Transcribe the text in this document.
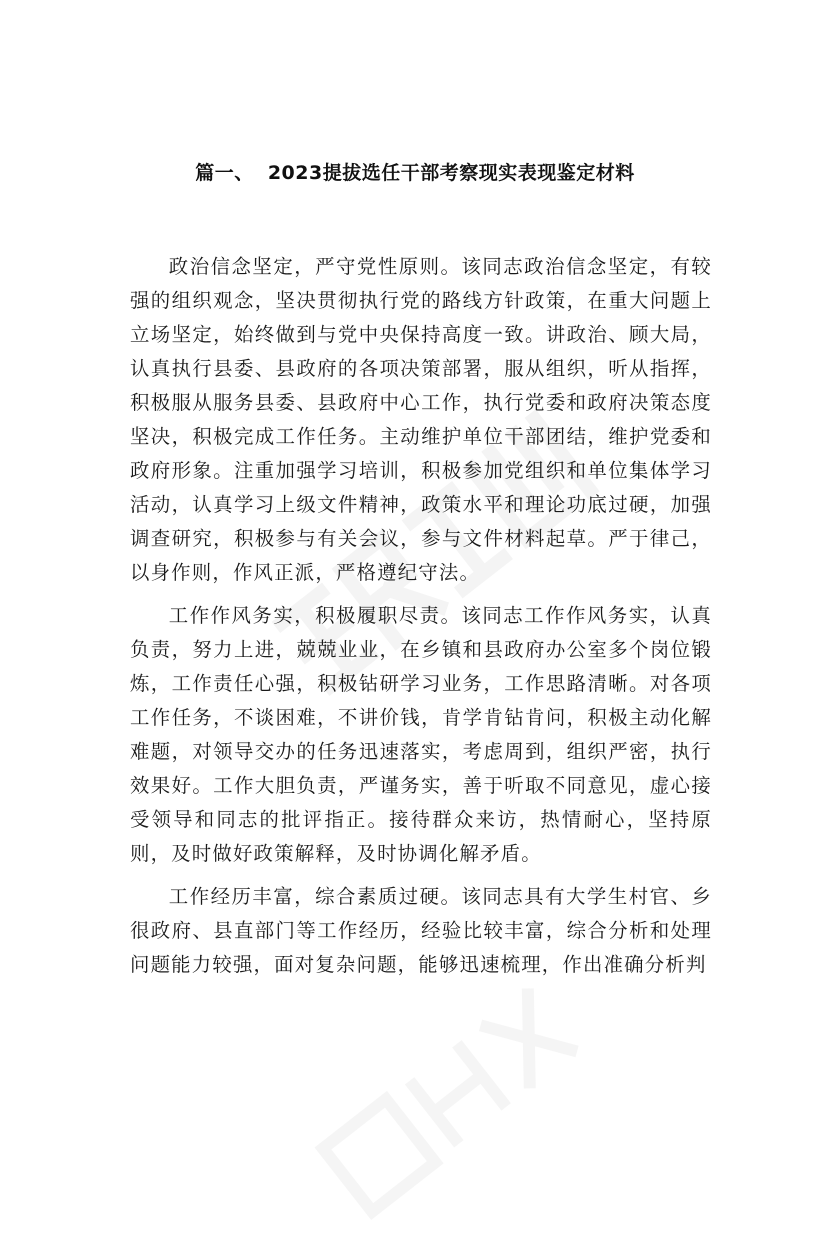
篇一、 2023提拔选任干部考察现实表现鉴定材料

政治信念坚定，严守党性原则。该同志政治信念坚定，有较强的组织观念，坚决贯彻执行党的路线方针政策，在重大问题上立场坚定，始终做到与党中央保持高度一致。讲政治、顾大局，认真执行县委、县政府的各项决策部署，服从组织，听从指挥，积极服从服务县委、县政府中心工作，执行党委和政府决策态度坚决，积极完成工作任务。主动维护单位干部团结，维护党委和政府形象。注重加强学习培训，积极参加党组织和单位集体学习活动，认真学习上级文件精神，政策水平和理论功底过硬，加强调查研究，积极参与有关会议，参与文件材料起草。严于律己，以身作则，作风正派，严格遵纪守法。

工作作风务实，积极履职尽责。该同志工作作风务实，认真负责，努力上进，兢兢业业，在乡镇和县政府办公室多个岗位锻炼，工作责任心强，积极钻研学习业务，工作思路清晰。对各项工作任务，不谈困难，不讲价钱，肯学肯钻肯问，积极主动化解难题，对领导交办的任务迅速落实，考虑周到，组织严密，执行效果好。工作大胆负责，严谨务实，善于听取不同意见，虚心接受领导和同志的批评指正。接待群众来访，热情耐心，坚持原则，及时做好政策解释，及时协调化解矛盾。

工作经历丰富，综合素质过硬。该同志具有大学生村官、乡很政府、县直部门等工作经历，经验比较丰富，综合分析和处理问题能力较强，面对复杂问题，能够迅速梳理，作出准确分析判
